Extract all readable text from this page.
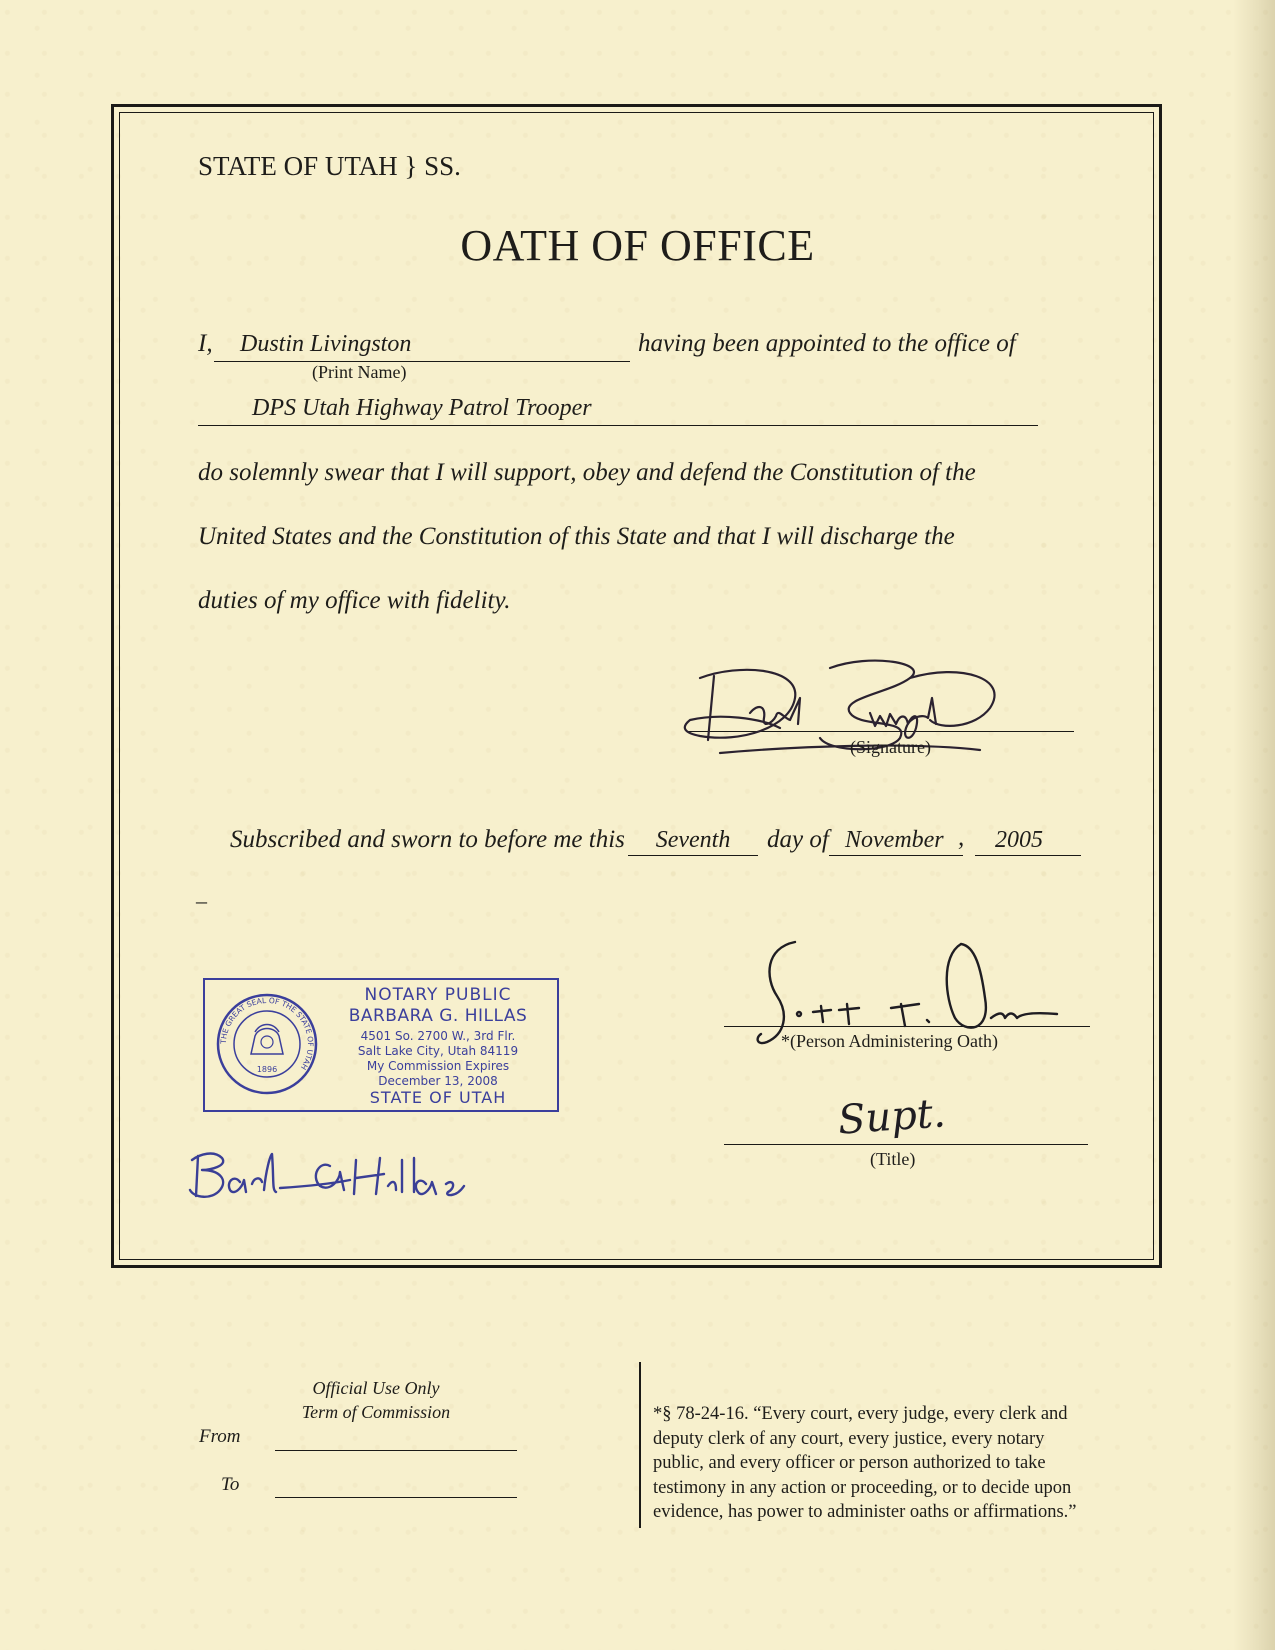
STATE OF UTAH } SS.
OATH OF OFFICE
I,	Dustin Livingston	having been appointed to the office of
(Print Name)
DPS Utah Highway Patrol Trooper
do solemnly swear that I will support, obey and defend the Constitution of the
United States and the Constitution of this State and that I will discharge the
duties of my office with fidelity.
(Signature)
Subscribed and sworn to before me this	Seventh	day of November ,	2005
–
THE GREAT SEAL OF THE STATE OF UTAH
1896
NOTARY PUBLIC
BARBARA G. HILLAS
4501 So. 2700 W., 3rd Flr.
Salt Lake City, Utah 84119
My Commission Expires
December 13, 2008
STATE OF UTAH
*(Person Administering Oath)
Supt.
(Title)
Official Use Only
Term of Commission
From
To
*§ 78-24-16. “Every court, every judge, every clerk and
deputy clerk of any court, every justice, every notary
public, and every officer or person authorized to take
testimony in any action or proceeding, or to decide upon
evidence, has power to administer oaths or affirmations.”
